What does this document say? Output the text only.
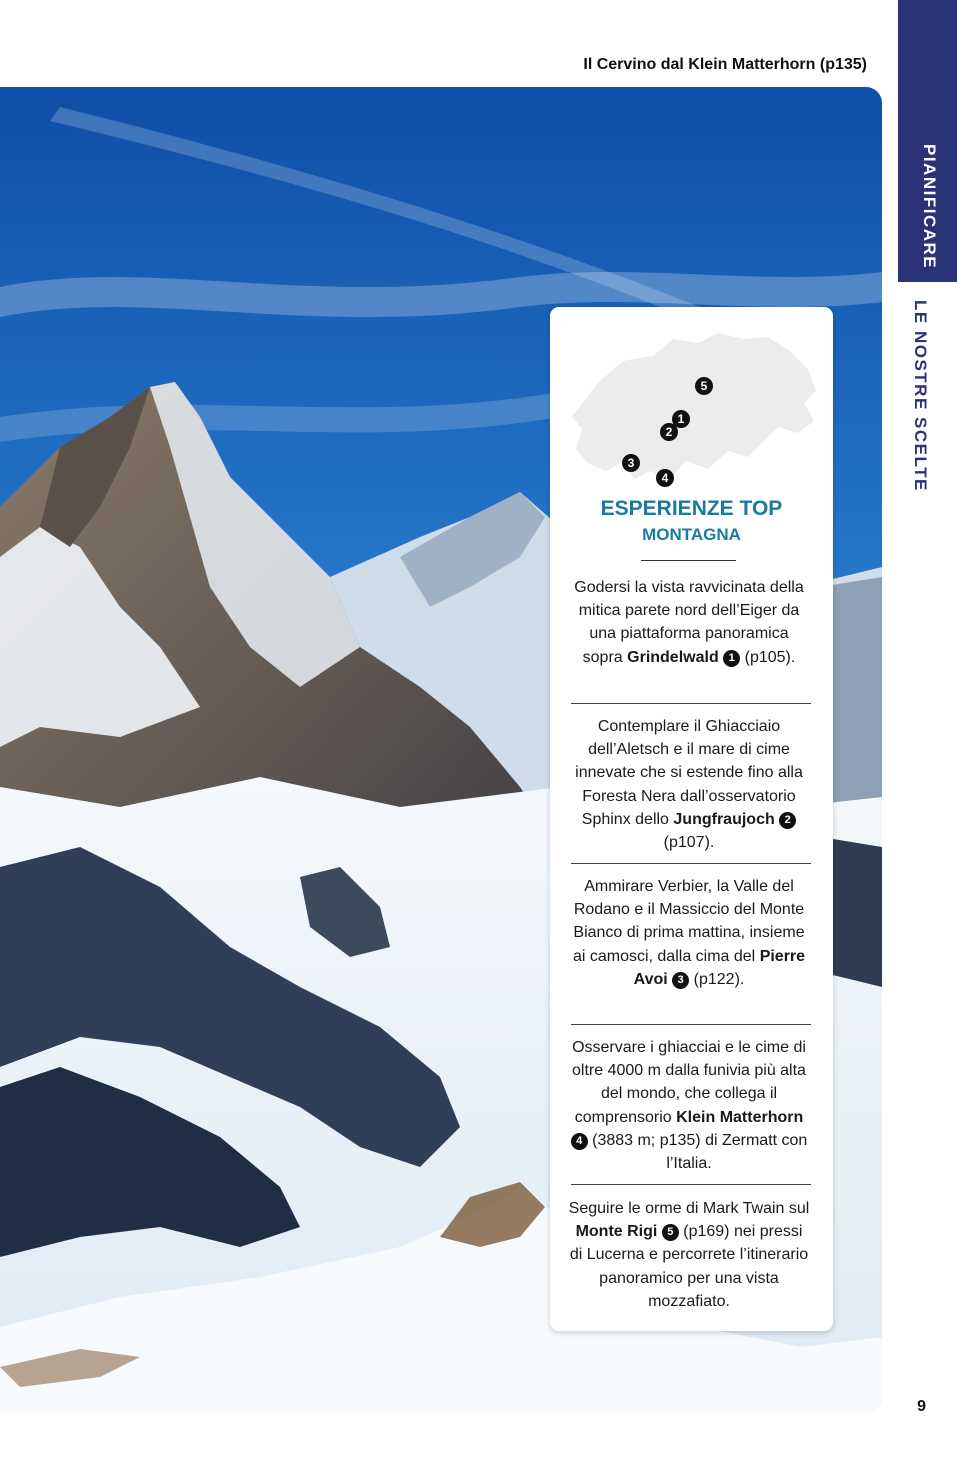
Il Cervino dal Klein Matterhorn (p135)
PIANIFICARE
LE NOSTRE SCELTE
5
1
2
3
4
ESPERIENZE TOP
MONTAGNA
Godersi la vista ravvicinata della mitica parete nord dell’Eiger da una piattaforma panoramica sopra Grindelwald 1 (p105).
Contemplare il Ghiacciaio dell’Aletsch e il mare di cime innevate che si estende fino alla Foresta Nera dall’osservatorio Sphinx dello Jungfraujoch 2 (p107).
Ammirare Verbier, la Valle del Rodano e il Massiccio del Monte Bianco di prima mattina, insieme ai camosci, dalla cima del Pierre Avoi 3 (p122).
Osservare i ghiacciai e le cime di oltre 4000 m dalla funivia più alta del mondo, che collega il comprensorio Klein Matterhorn 4 (3883 m; p135) di Zermatt con l’Italia.
Seguire le orme di Mark Twain sul Monte Rigi 5 (p169) nei pressi di Lucerna e percorrete l’itinerario panoramico per una vista mozzafiato.
9
